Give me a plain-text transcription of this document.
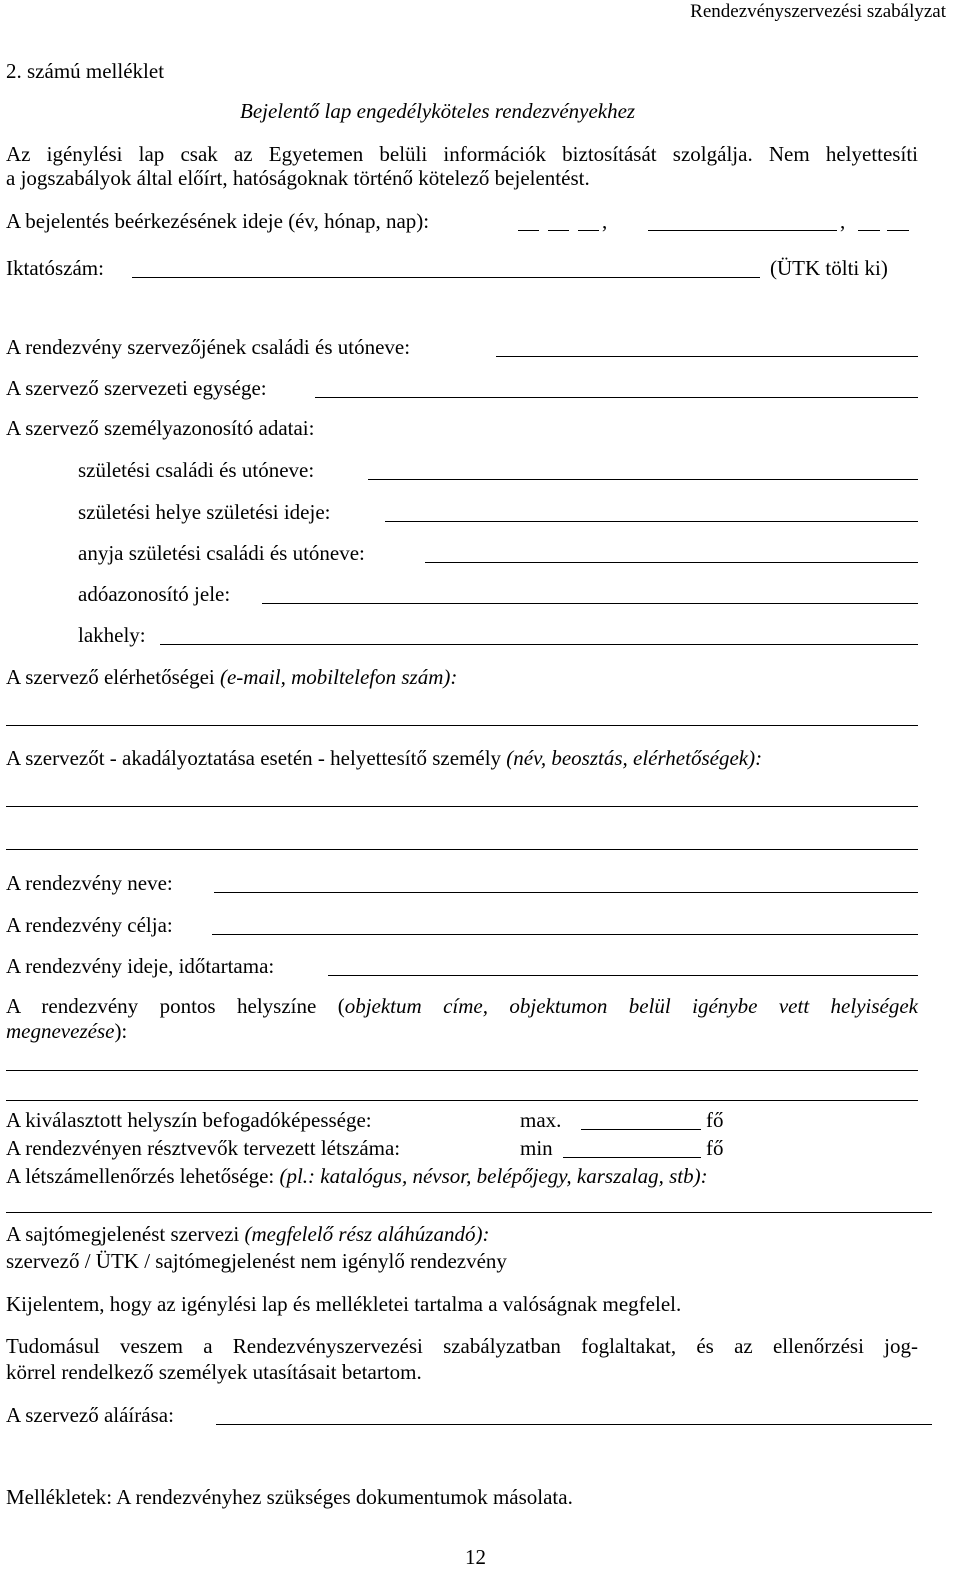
Rendezvényszervezési szabályzat
2. számú melléklet
Bejelentő lap engedélyköteles rendezvényekhez
Az igénylési lap csak az Egyetemen belüli információk biztosítását szolgálja. Nem helyettesíti
a jogszabályok által előírt, hatóságoknak történő kötelező bejelentést.
A bejelentés beérkezésének ideje (év, hónap, nap):	,	,
Iktatószám:	(ÜTK tölti ki)
A rendezvény szervezőjének családi és utóneve:
A szervező szervezeti egysége:
A szervező személyazonosító adatai:
születési családi és utóneve:
születési helye születési ideje:
anyja születési családi és utóneve:
adóazonosító jele:
lakhely:
A szervező elérhetőségei (e-mail, mobiltelefon szám):
A szervezőt - akadályoztatása esetén - helyettesítő személy (név, beosztás, elérhetőségek):
A rendezvény neve:
A rendezvény célja:
A rendezvény ideje, időtartama:
A rendezvény pontos helyszíne (objektum címe, objektumon belül igénybe vett helyiségek
megnevezése):
A kiválasztott helyszín befogadóképessége:	max.	fő
A rendezvényen résztvevők tervezett létszáma:	min	fő
A létszámellenőrzés lehetősége: (pl.: katalógus, névsor, belépőjegy, karszalag, stb):
A sajtómegjelenést szervezi (megfelelő rész aláhúzandó):
szervező / ÜTK / sajtómegjelenést nem igénylő rendezvény
Kijelentem, hogy az igénylési lap és mellékletei tartalma a valóságnak megfelel.
Tudomásul veszem a Rendezvényszervezési szabályzatban foglaltakat, és az ellenőrzési jog-
körrel rendelkező személyek utasításait betartom.
A szervező aláírása:
Mellékletek: A rendezvényhez szükséges dokumentumok másolata.
12
